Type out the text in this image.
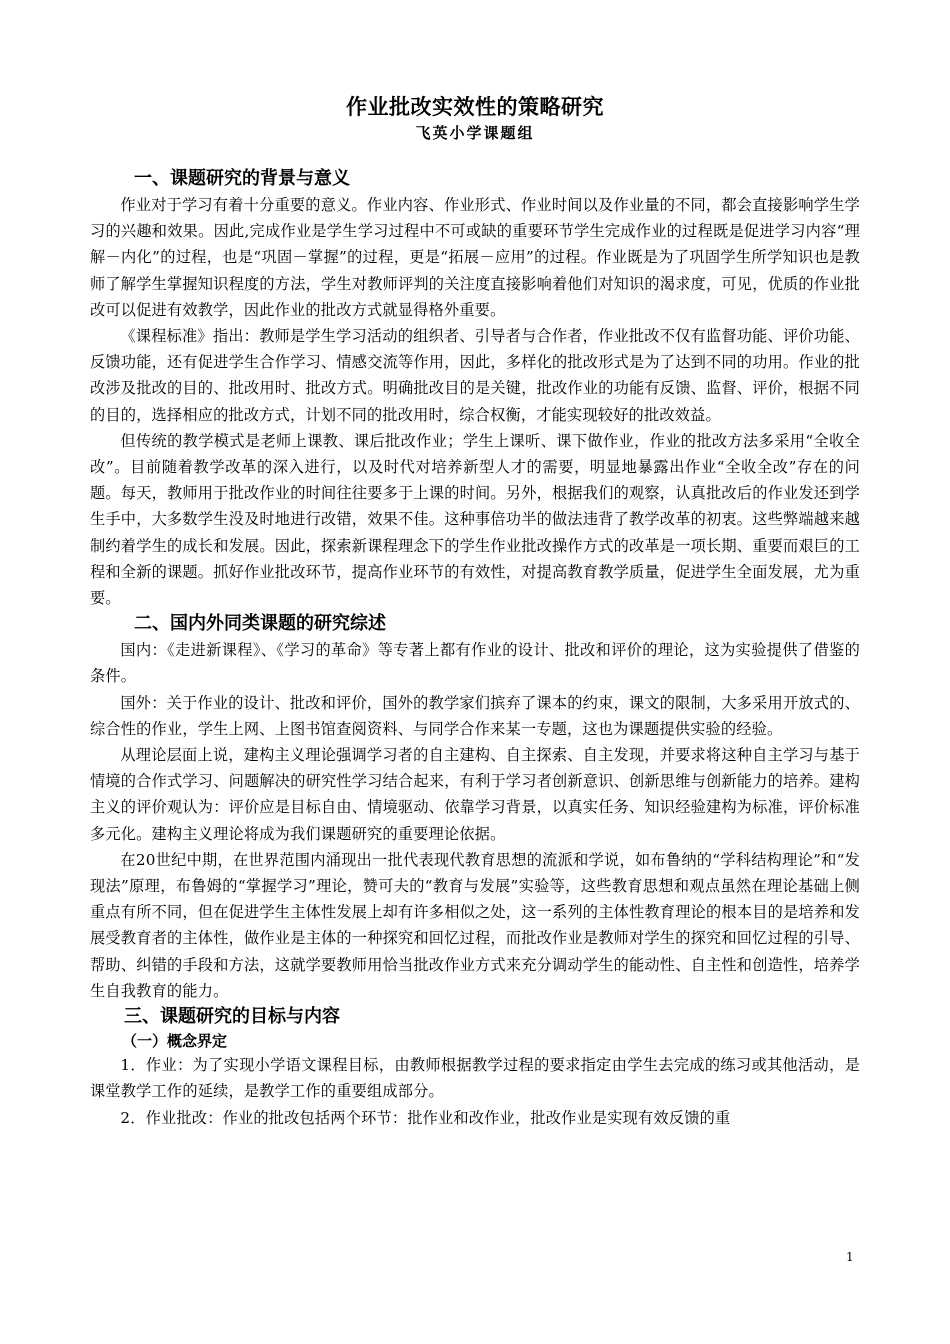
作业批改实效性的策略研究
飞英小学课题组
一、课题研究的背景与意义

作业对于学习有着十分重要的意义。作业内容、作业形式、作业时间以及作业量的不同，都会直接影响学生学习的兴趣和效果。因此,完成作业是学生学习过程中不可或缺的重要环节学生完成作业的过程既是促进学习内容“理解－内化”的过程，也是“巩固－掌握”的过程，更是“拓展－应用”的过程。作业既是为了巩固学生所学知识也是教师了解学生掌握知识程度的方法，学生对教师评判的关注度直接影响着他们对知识的渴求度，可见，优质的作业批改可以促进有效教学，因此作业的批改方式就显得格外重要。

《课程标准》指出：教师是学生学习活动的组织者、引导者与合作者，作业批改不仅有监督功能、评价功能、反馈功能，还有促进学生合作学习、情感交流等作用，因此，多样化的批改形式是为了达到不同的功用。作业的批改涉及批改的目的、批改用时、批改方式。明确批改目的是关键，批改作业的功能有反馈、监督、评价，根据不同的目的，选择相应的批改方式，计划不同的批改用时，综合权衡，才能实现较好的批改效益。

但传统的教学模式是老师上课教、课后批改作业；学生上课听、课下做作业，作业的批改方法多采用“全收全改”。目前随着教学改革的深入进行，以及时代对培养新型人才的需要，明显地暴露出作业“全收全改”存在的问题。每天，教师用于批改作业的时间往往要多于上课的时间。另外，根据我们的观察，认真批改后的作业发还到学生手中，大多数学生没及时地进行改错，效果不佳。这种事倍功半的做法违背了教学改革的初衷。这些弊端越来越制约着学生的成长和发展。因此，探索新课程理念下的学生作业批改操作方式的改革是一项长期、重要而艰巨的工程和全新的课题。抓好作业批改环节，提高作业环节的有效性，对提高教育教学质量，促进学生全面发展，尤为重要。

二、国内外同类课题的研究综述

国内：《走进新课程》、《学习的革命》等专著上都有作业的设计、批改和评价的理论，这为实验提供了借鉴的条件。

国外：关于作业的设计、批改和评价，国外的教学家们摈弃了课本的约束，课文的限制，大多采用开放式的、综合性的作业，学生上网、上图书馆查阅资料、与同学合作来某一专题，这也为课题提供实验的经验。

从理论层面上说，建构主义理论强调学习者的自主建构、自主探索、自主发现，并要求将这种自主学习与基于情境的合作式学习、问题解决的研究性学习结合起来，有利于学习者创新意识、创新思维与创新能力的培养。建构主义的评价观认为：评价应是目标自由、情境驱动、依靠学习背景，以真实任务、知识经验建构为标准，评价标准多元化。建构主义理论将成为我们课题研究的重要理论依据。

在20世纪中期，在世界范围内涌现出一批代表现代教育思想的流派和学说，如布鲁纳的“学科结构理论”和“发现法”原理，布鲁姆的“掌握学习”理论，赞可夫的“教育与发展”实验等，这些教育思想和观点虽然在理论基础上侧重点有所不同，但在促进学生主体性发展上却有许多相似之处，这一系列的主体性教育理论的根本目的是培养和发展受教育者的主体性，做作业是主体的一种探究和回忆过程，而批改作业是教师对学生的探究和回忆过程的引导、帮助、纠错的手段和方法，这就学要教师用恰当批改作业方式来充分调动学生的能动性、自主性和创造性，培养学生自我教育的能力。

三、课题研究的目标与内容
（一）概念界定

1．作业：为了实现小学语文课程目标，由教师根据教学过程的要求指定由学生去完成的练习或其他活动，是课堂教学工作的延续，是教学工作的重要组成部分。

2．作业批改：作业的批改包括两个环节：批作业和改作业，批改作业是实现有效反馈的重

1
